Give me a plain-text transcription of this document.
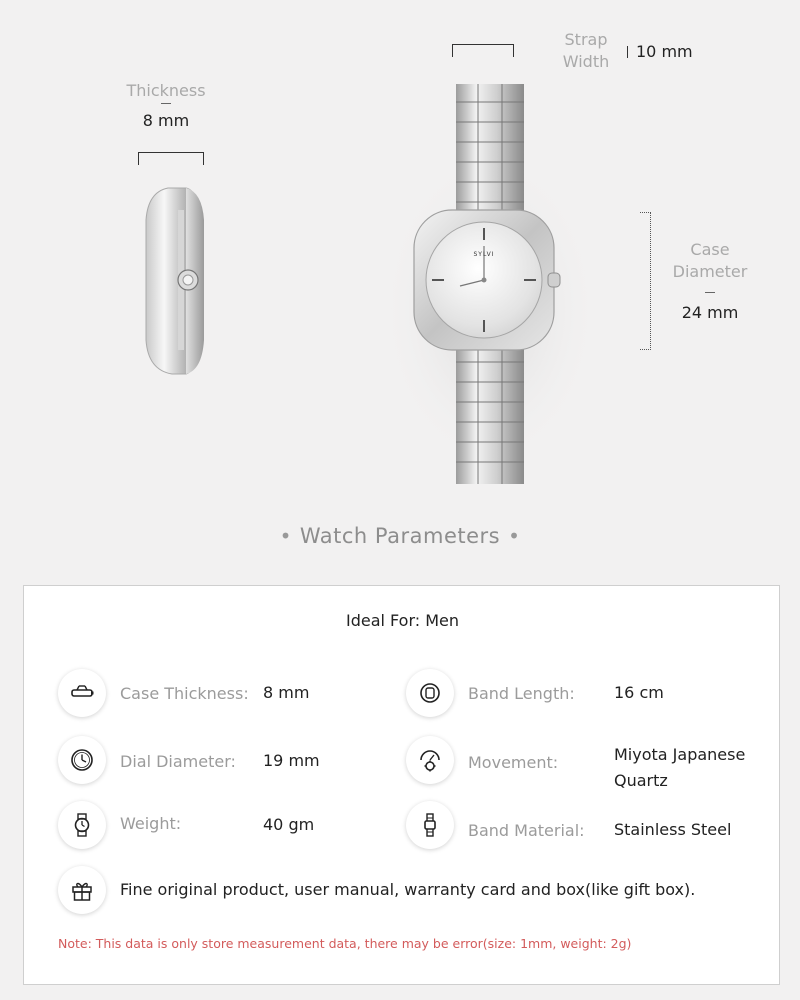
Thickness
8 mm
Strap
Width
10 mm
Case
Diameter
24 mm
SYLVI
• Watch Parameters •
Ideal For: Men
Case Thickness: 8 mm
Dial Diameter: 19 mm
Weight:	40 gm
Band Length: 16 cm
Movement:	Miyota Japanese
Quartz
Band Material: Stainless Steel
Fine original product, user manual, warranty card and box(like gift box).
Note: This data is only store measurement data, there may be error(size: 1mm, weight: 2g)
